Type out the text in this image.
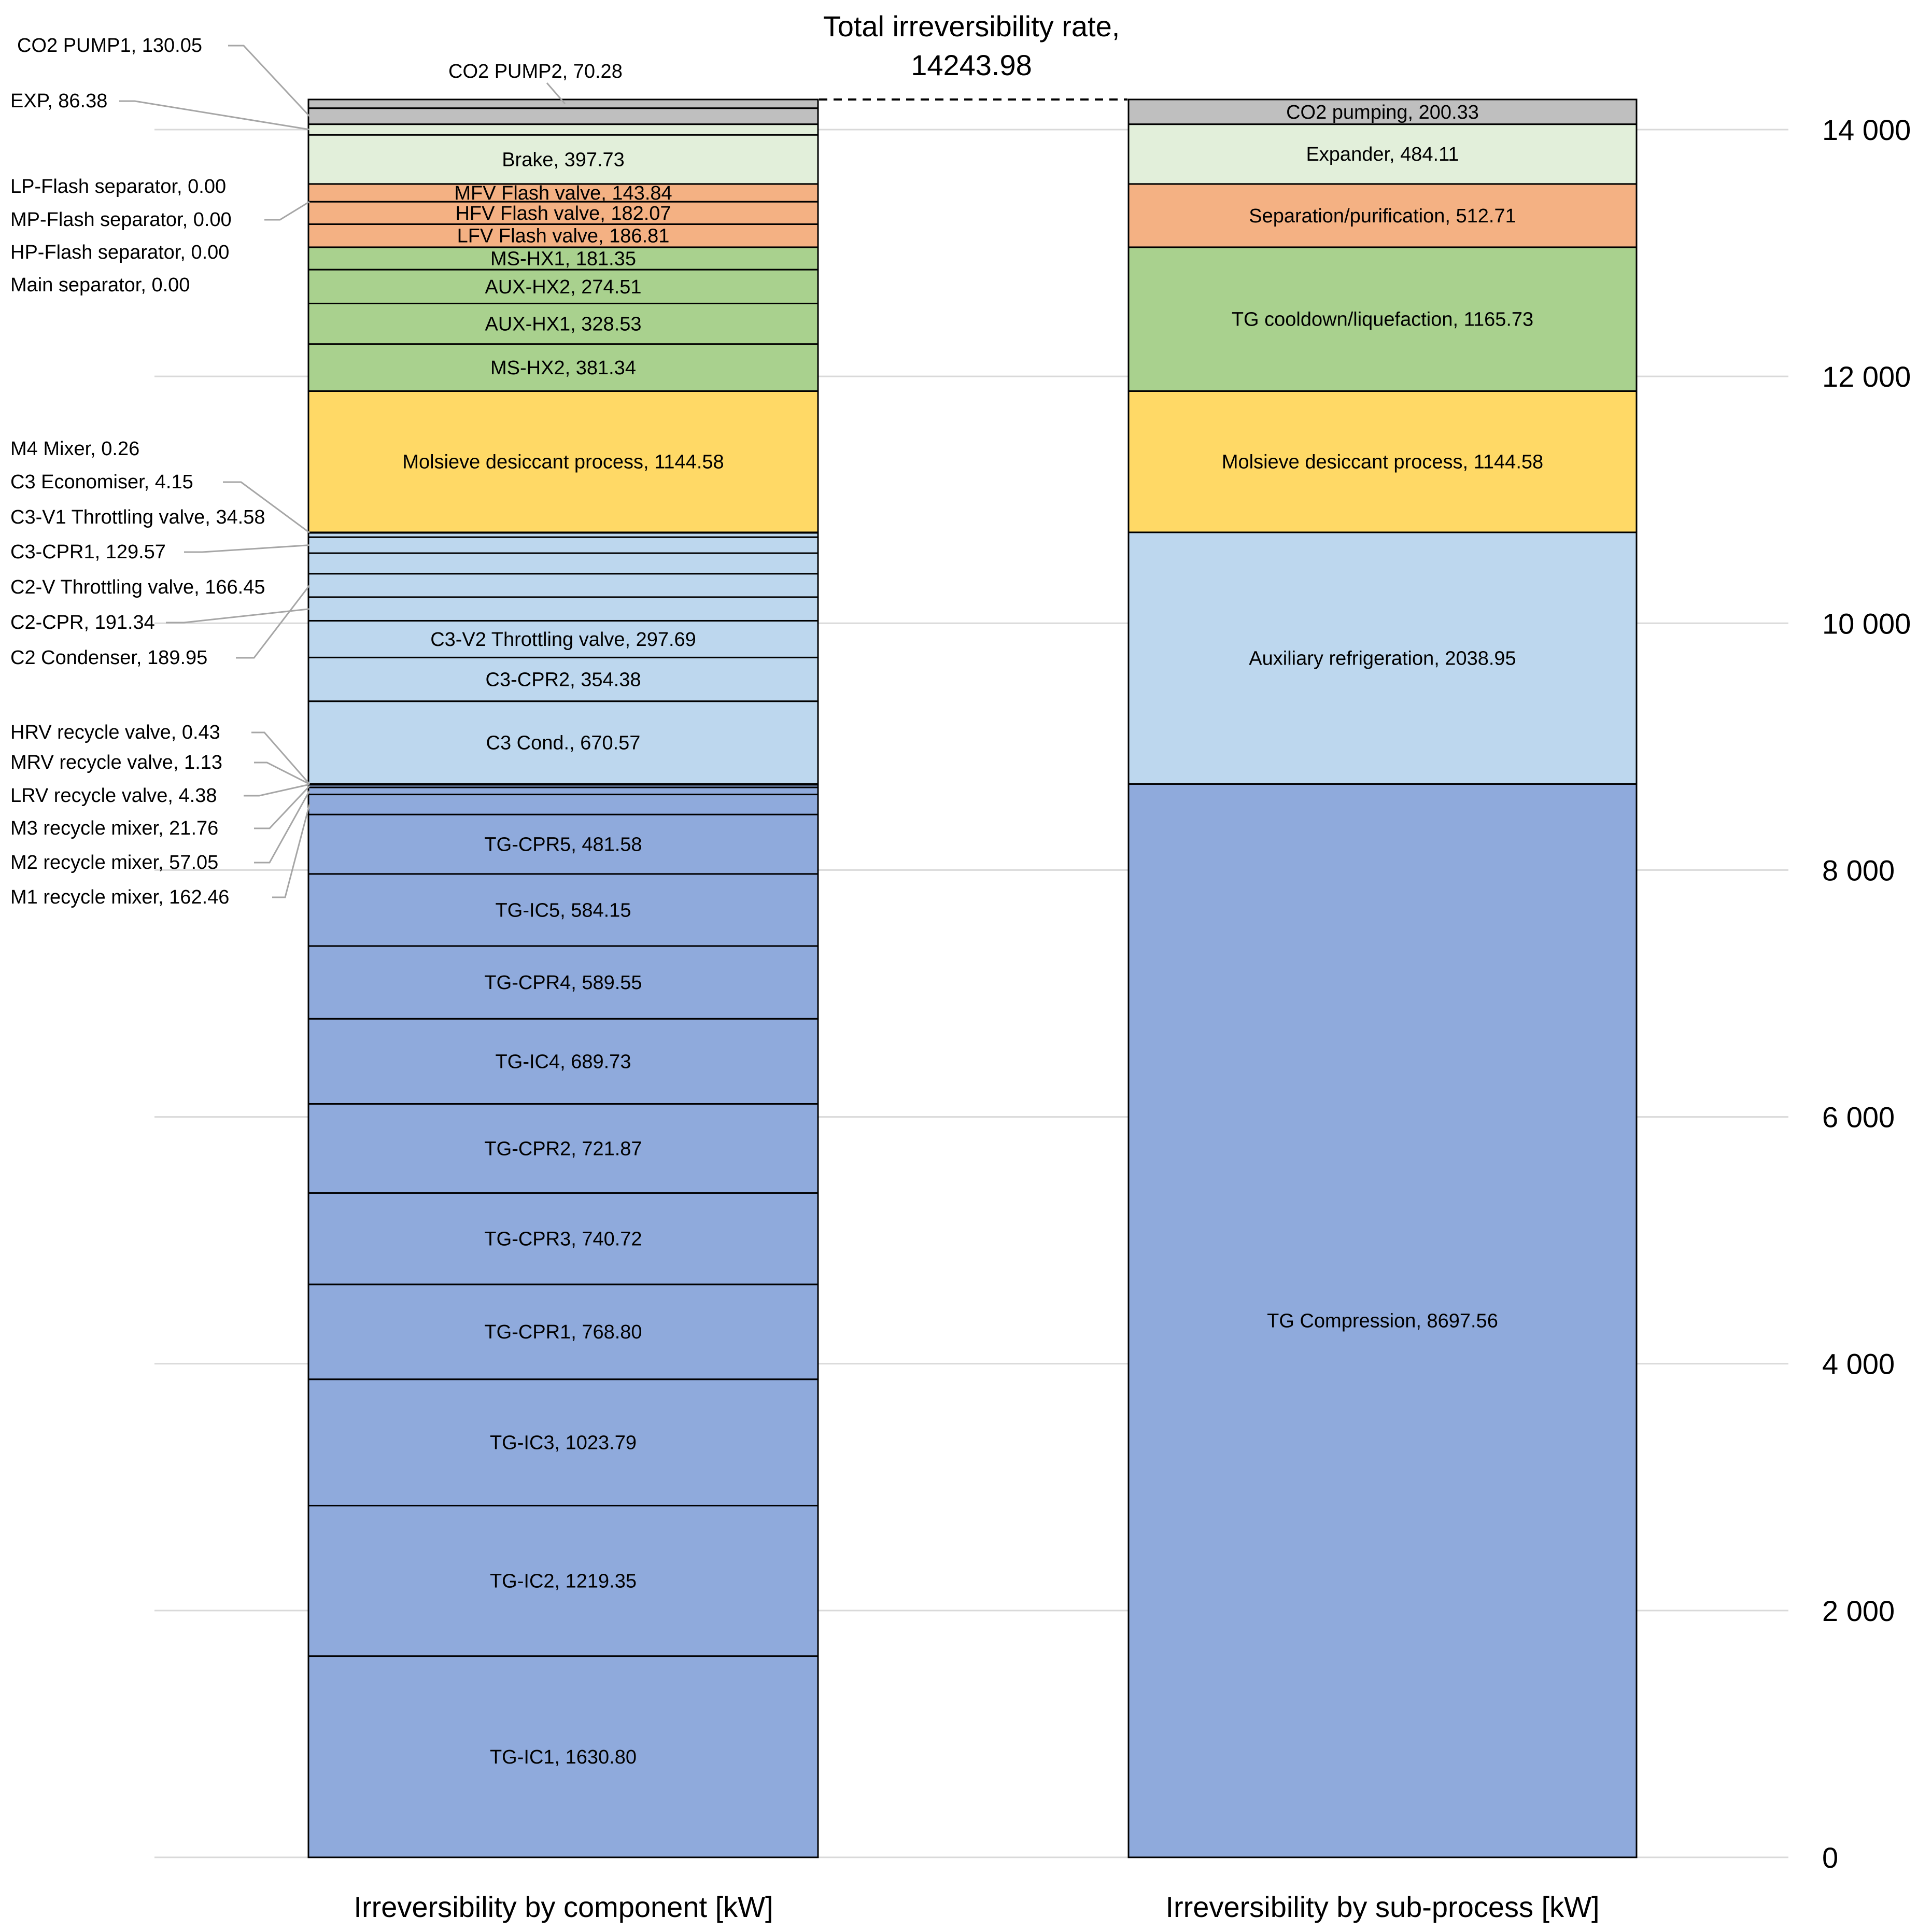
0
2 000
4 000
6 000
8 000
10 000
12 000
14 000
TG-IC1, 1630.80
TG-IC2, 1219.35
TG-IC3, 1023.79
TG-CPR1, 768.80
TG-CPR3, 740.72
TG-CPR2, 721.87
TG-IC4, 689.73
TG-CPR4, 589.55
TG-IC5, 584.15
TG-CPR5, 481.58
C3 Cond., 670.57
C3-CPR2, 354.38
C3-V2 Throttling valve, 297.69
Molsieve desiccant process, 1144.58
MS-HX2, 381.34
AUX-HX1, 328.53
AUX-HX2, 274.51
MS-HX1, 181.35
LFV Flash valve, 186.81
HFV Flash valve, 182.07
MFV Flash valve, 143.84
Brake, 397.73
TG Compression, 8697.56
Auxiliary refrigeration, 2038.95
Molsieve desiccant process, 1144.58
TG cooldown/liquefaction, 1165.73
Separation/purification, 512.71
Expander, 484.11
CO2 pumping, 200.33
M1 recycle mixer, 162.46
M2 recycle mixer, 57.05
M3 recycle mixer, 21.76
LRV recycle valve, 4.38
MRV recycle valve, 1.13
HRV recycle valve, 0.43
C2-CPR, 191.34
C2 Condenser, 189.95
C2-V Throttling valve, 166.45
C3-CPR1, 129.57
C3-V1 Throttling valve, 34.58
C3 Economiser, 4.15
M4 Mixer, 0.26
Main separator, 0.00
HP-Flash separator, 0.00
MP-Flash separator, 0.00
LP-Flash separator, 0.00
EXP, 86.38
CO2 PUMP1, 130.05
CO2 PUMP2, 70.28
Total irreversibility rate,
14243.98
Irreversibility by component [kW]	Irreversibility by sub-process [kW]
